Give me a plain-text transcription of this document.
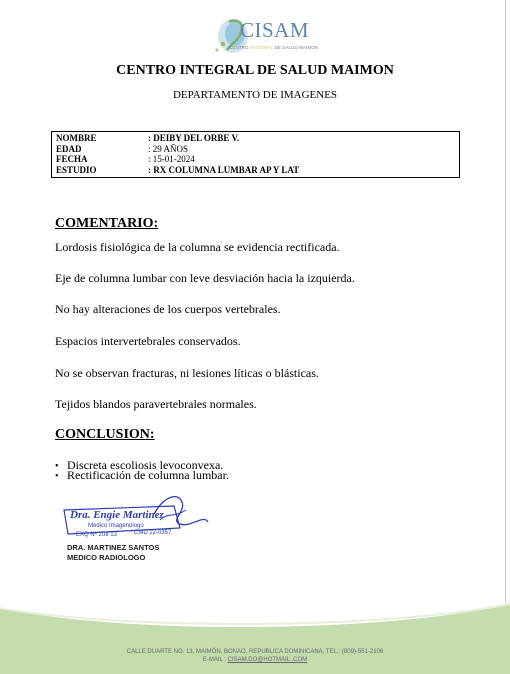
CISAM
CENTRO INTEGRAL DE SALUD MAIMON
CENTRO INTEGRAL DE SALUD MAIMON
DEPARTAMENTO DE IMAGENES
NOMBRE	: DEIBY DEL ORBE V.
EDAD	: 29 AÑOS
FECHA	: 15-01-2024
ESTUDIO	: RX COLUMNA LUMBAR AP Y LAT
COMENTARIO:
Lordosis fisiológica de la columna se evidencia rectificada.
Eje de columna lumbar con leve desviación hacia la izquierda.
No hay alteraciones de los cuerpos vertebrales.
Espacios intervertebrales conservados.
No se observan fracturas, ni lesiones líticas o blásticas.
Tejidos blandos paravertebrales normales.
CONCLUSION:
• Discreta escoliosis levoconvexa.
• Rectificación de columna lumbar.
Dra. Engie Martinez
Medico Imagenologo
EXQ Nº 208 13	CMD 22-0357
DRA. MARTINEZ SANTOS
MEDICO RADIOLOGO
CALLE DUARTE NO. 13, MAIMÓN, BONAO, REPUBLICA DOMINICANA, TEL.: (809)-551-2106
E-MAIL : CISAM.DO@HOTMAIL .COM
